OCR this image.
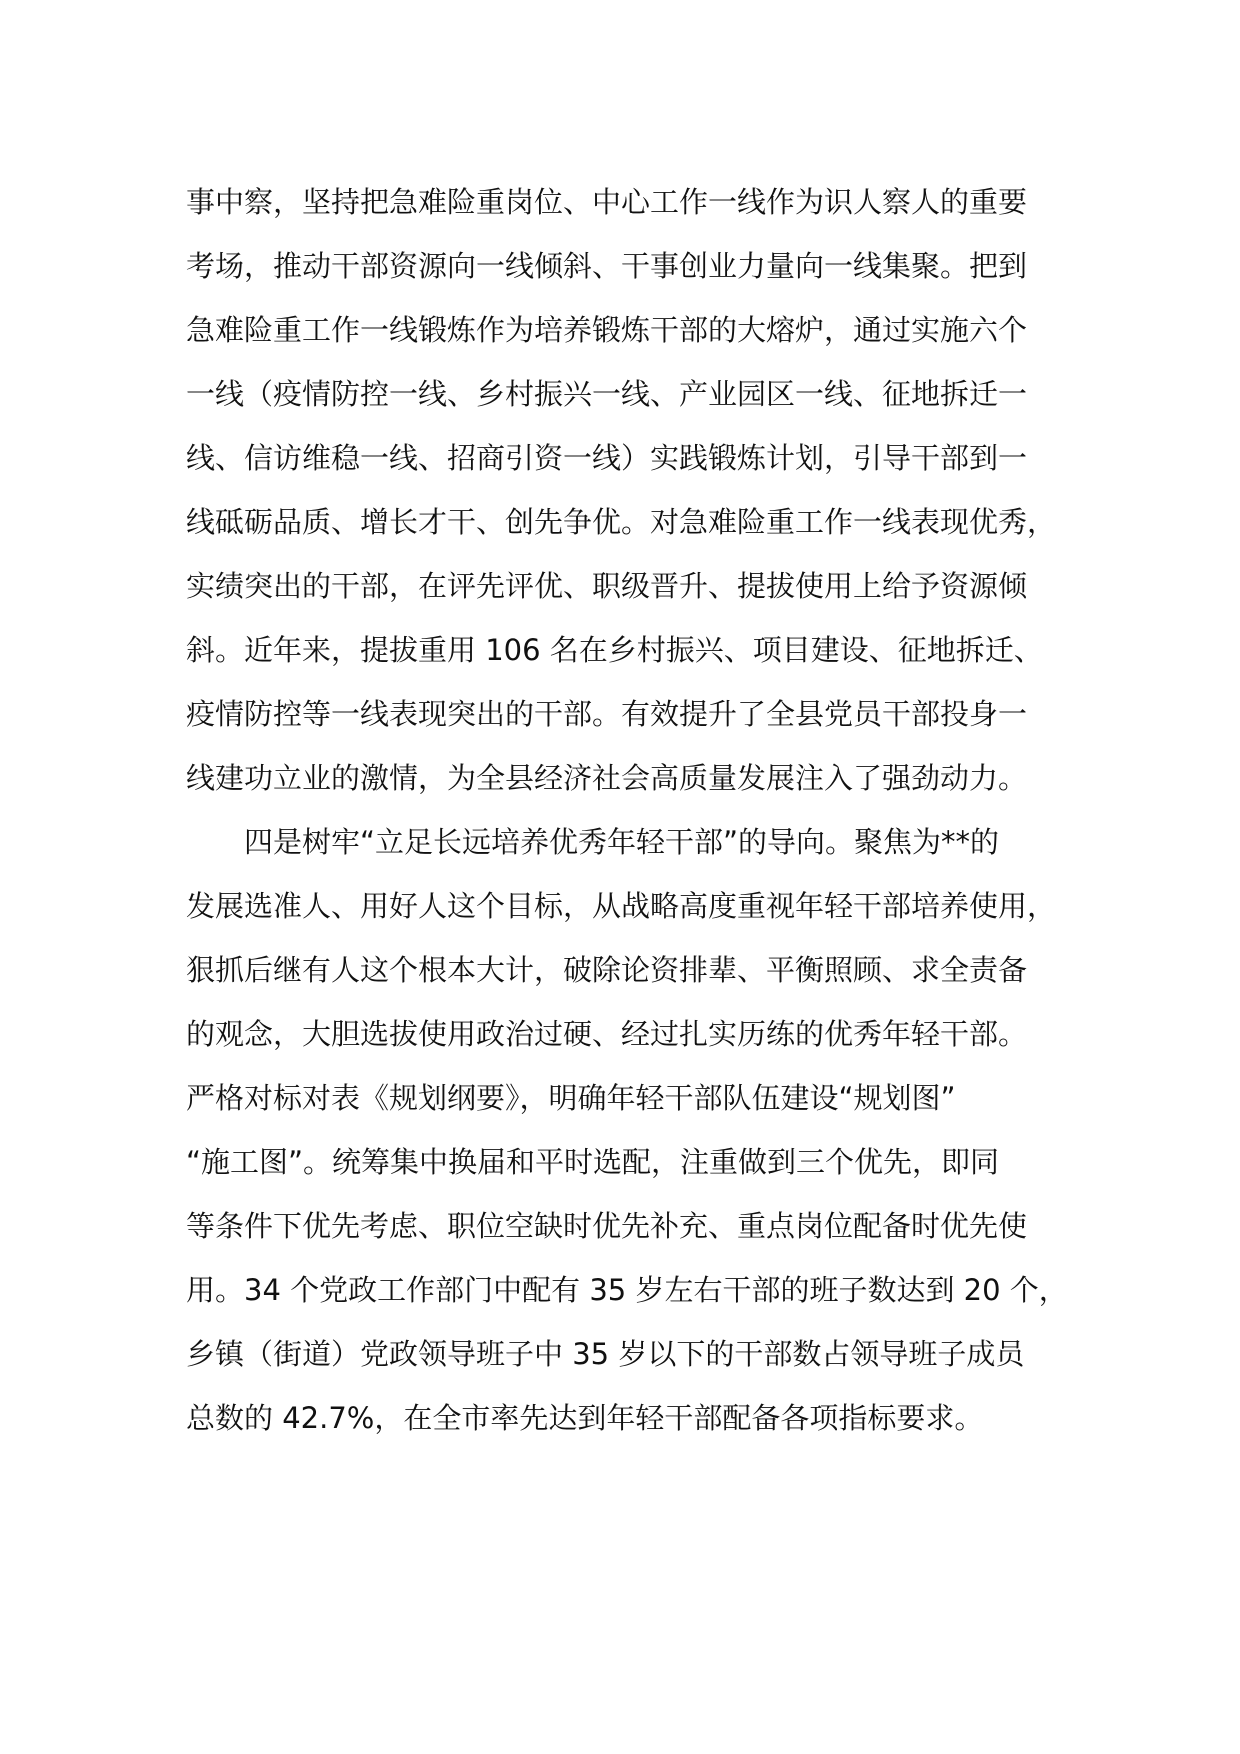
事中察，坚持把急难险重岗位、中心工作一线作为识人察人的重要
考场，推动干部资源向一线倾斜、干事创业力量向一线集聚。把到
急难险重工作一线锻炼作为培养锻炼干部的大熔炉，通过实施六个
一线（疫情防控一线、乡村振兴一线、产业园区一线、征地拆迁一
线、信访维稳一线、招商引资一线）实践锻炼计划，引导干部到一
线砥砺品质、增长才干、创先争优。对急难险重工作一线表现优秀，
实绩突出的干部，在评先评优、职级晋升、提拔使用上给予资源倾
斜。近年来，提拔重用 106 名在乡村振兴、项目建设、征地拆迁、
疫情防控等一线表现突出的干部。有效提升了全县党员干部投身一
线建功立业的激情，为全县经济社会高质量发展注入了强劲动力。
四是树牢“立足长远培养优秀年轻干部”的导向。聚焦为**的
发展选准人、用好人这个目标，从战略高度重视年轻干部培养使用，
狠抓后继有人这个根本大计，破除论资排辈、平衡照顾、求全责备
的观念，大胆选拔使用政治过硬、经过扎实历练的优秀年轻干部。
严格对标对表《规划纲要》，明确年轻干部队伍建设“规划图”
“施工图”。统筹集中换届和平时选配，注重做到三个优先，即同
等条件下优先考虑、职位空缺时优先补充、重点岗位配备时优先使
用。34 个党政工作部门中配有 35 岁左右干部的班子数达到 20 个，
乡镇（街道）党政领导班子中 35 岁以下的干部数占领导班子成员
总数的 42.7%，在全市率先达到年轻干部配备各项指标要求。
